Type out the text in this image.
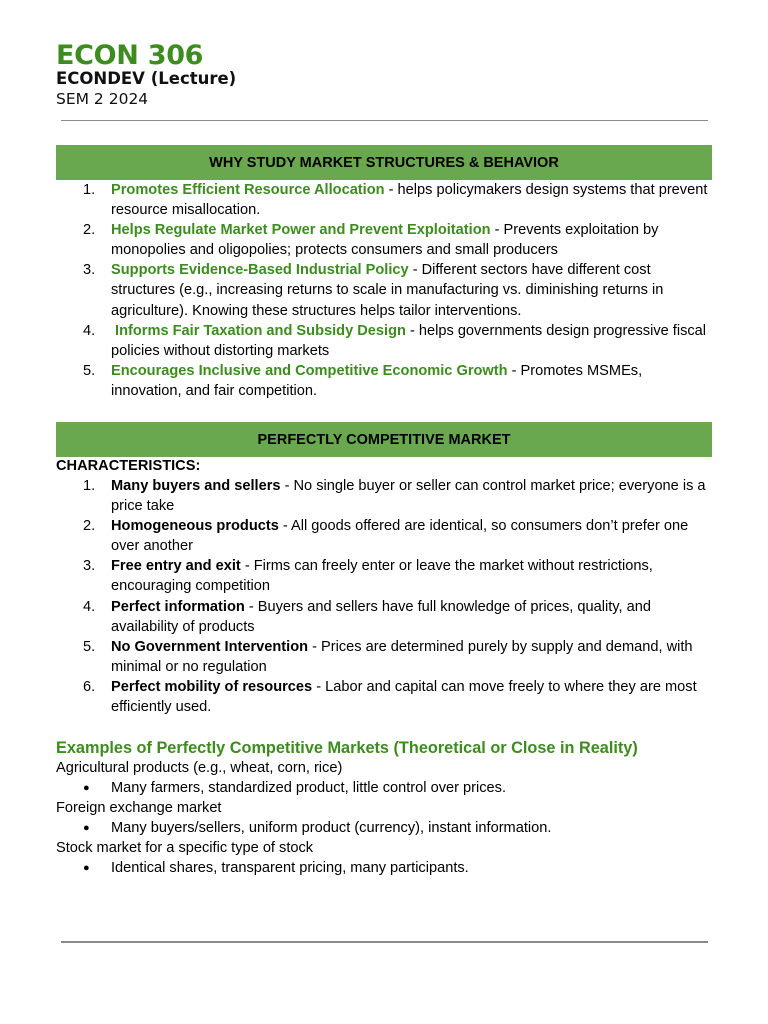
ECON 306
ECONDEV (Lecture)
SEM 2 2024
WHY STUDY MARKET STRUCTURES & BEHAVIOR
1. Promotes Efficient Resource Allocation - helps policymakers design systems that prevent resource misallocation.
2. Helps Regulate Market Power and Prevent Exploitation - Prevents exploitation by monopolies and oligopolies; protects consumers and small producers
3. Supports Evidence-Based Industrial Policy - Different sectors have different cost structures (e.g., increasing returns to scale in manufacturing vs. diminishing returns in agriculture). Knowing these structures helps tailor interventions.
4. Informs Fair Taxation and Subsidy Design - helps governments design progressive fiscal policies without distorting markets
5. Encourages Inclusive and Competitive Economic Growth - Promotes MSMEs, innovation, and fair competition.
PERFECTLY COMPETITIVE MARKET
CHARACTERISTICS:
1. Many buyers and sellers - No single buyer or seller can control market price; everyone is a price take
2. Homogeneous products - All goods offered are identical, so consumers don’t prefer one over another
3. Free entry and exit - Firms can freely enter or leave the market without restrictions, encouraging competition
4. Perfect information - Buyers and sellers have full knowledge of prices, quality, and availability of products
5. No Government Intervention - Prices are determined purely by supply and demand, with minimal or no regulation
6. Perfect mobility of resources - Labor and capital can move freely to where they are most efficiently used.
Examples of Perfectly Competitive Markets (Theoretical or Close in Reality)

Agricultural products (e.g., wheat, corn, rice)

● Many farmers, standardized product, little control over prices.

Foreign exchange market

● Many buyers/sellers, uniform product (currency), instant information.

Stock market for a specific type of stock

● Identical shares, transparent pricing, many participants.
